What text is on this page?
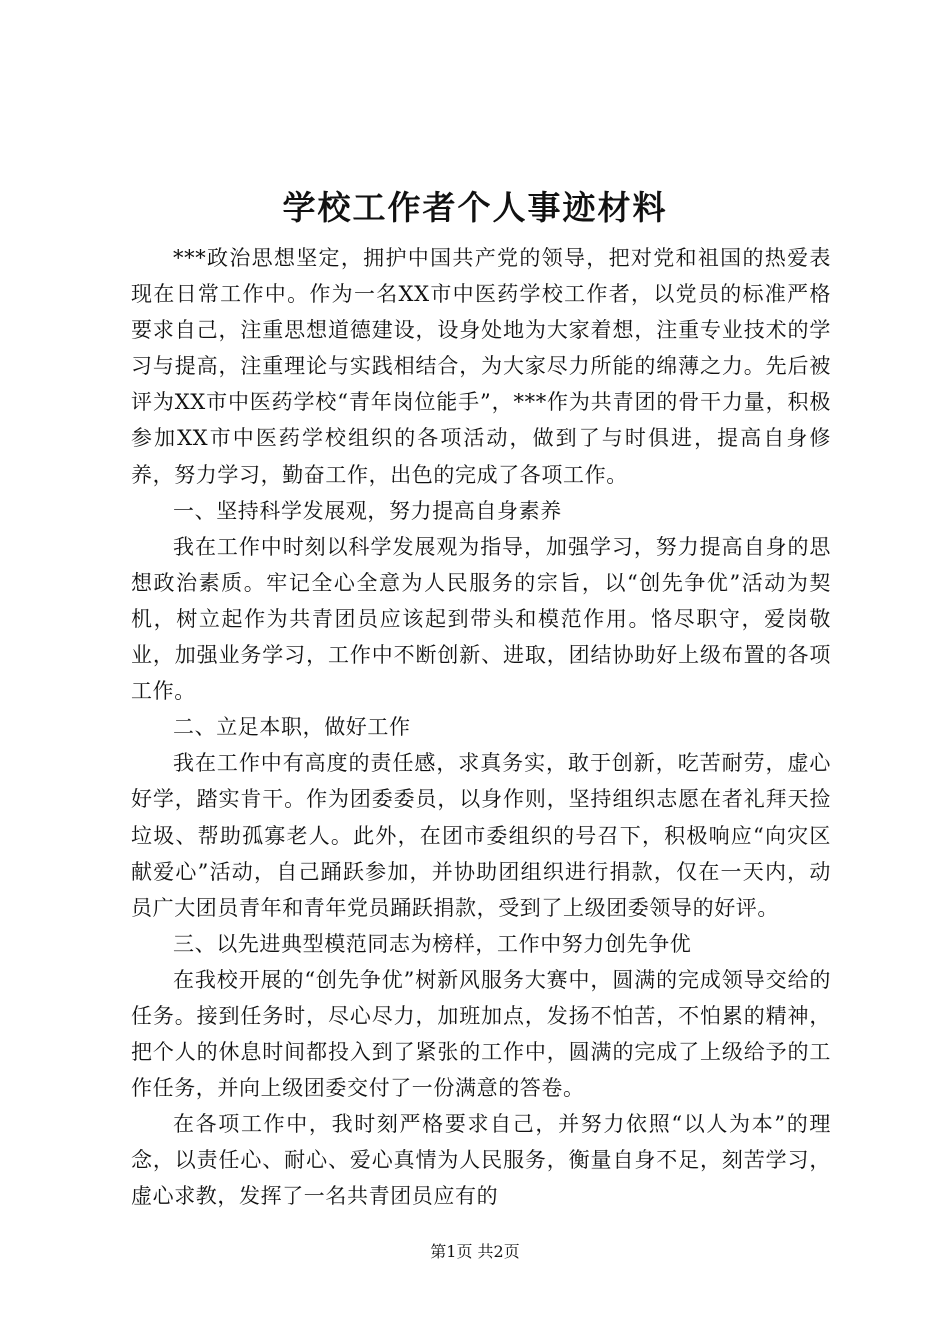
学校工作者个人事迹材料

***政治思想坚定，拥护中国共产党的领导，把对党和祖国的热爱表现在日常工作中。作为一名XX市中医药学校工作者，以党员的标准严格要求自己，注重思想道德建设，设身处地为大家着想，注重专业技术的学习与提高，注重理论与实践相结合，为大家尽力所能的绵薄之力。先后被评为XX市中医药学校“青年岗位能手”，***作为共青团的骨干力量，积极参加XX市中医药学校组织的各项活动，做到了与时俱进，提高自身修养，努力学习，勤奋工作，出色的完成了各项工作。

一、坚持科学发展观，努力提高自身素养

我在工作中时刻以科学发展观为指导，加强学习，努力提高自身的思想政治素质。牢记全心全意为人民服务的宗旨，以“创先争优”活动为契机，树立起作为共青团员应该起到带头和模范作用。恪尽职守，爱岗敬业，加强业务学习，工作中不断创新、进取，团结协助好上级布置的各项工作。

二、立足本职，做好工作

我在工作中有高度的责任感，求真务实，敢于创新，吃苦耐劳，虚心好学，踏实肯干。作为团委委员，以身作则，坚持组织志愿在者礼拜天捡垃圾、帮助孤寡老人。此外，在团市委组织的号召下，积极响应“向灾区献爱心”活动，自己踊跃参加，并协助团组织进行捐款，仅在一天内，动员广大团员青年和青年党员踊跃捐款，受到了上级团委领导的好评。

三、以先进典型模范同志为榜样，工作中努力创先争优

在我校开展的“创先争优”树新风服务大赛中，圆满的完成领导交给的任务。接到任务时，尽心尽力，加班加点，发扬不怕苦，不怕累的精神，把个人的休息时间都投入到了紧张的工作中，圆满的完成了上级给予的工作任务，并向上级团委交付了一份满意的答卷。

在各项工作中，我时刻严格要求自己，并努力依照“以人为本”的理念，以责任心、耐心、爱心真情为人民服务，衡量自身不足，刻苦学习，虚心求教，发挥了一名共青团员应有的

第1页 共2页
